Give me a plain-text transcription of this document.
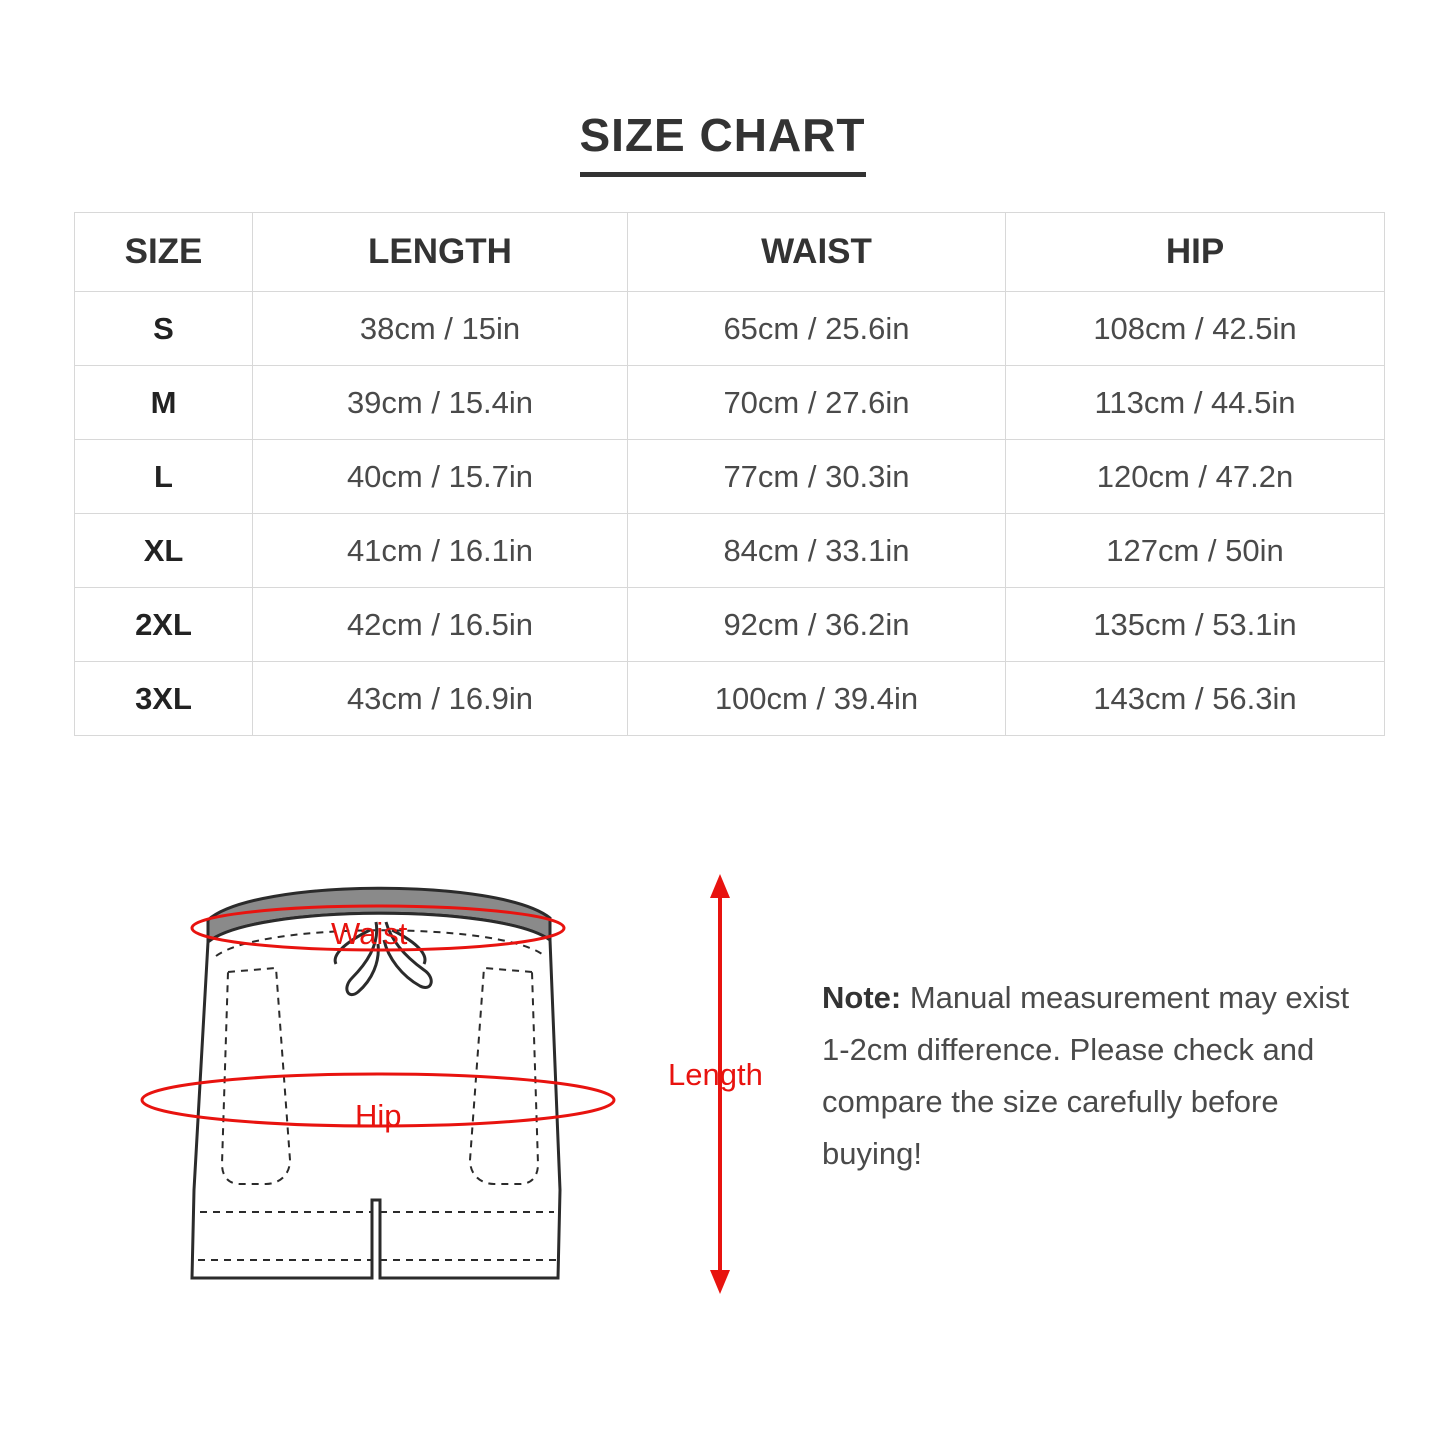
SIZE CHART
SIZE	LENGTH	WAIST	HIP
S	38cm / 15in	65cm / 25.6in	108cm / 42.5in
M	39cm / 15.4in	70cm / 27.6in	113cm / 44.5in
L	40cm / 15.7in	77cm / 30.3in	120cm / 47.2n
XL	41cm / 16.1in	84cm / 33.1in	127cm / 50in
2XL	42cm / 16.5in	92cm / 36.2in	135cm / 53.1in
3XL	43cm / 16.9in	100cm / 39.4in	143cm / 56.3in
Waist
Hip
Length
Note: Manual measurement may exist 1-2cm difference. Please check and compare the size carefully before buying!
